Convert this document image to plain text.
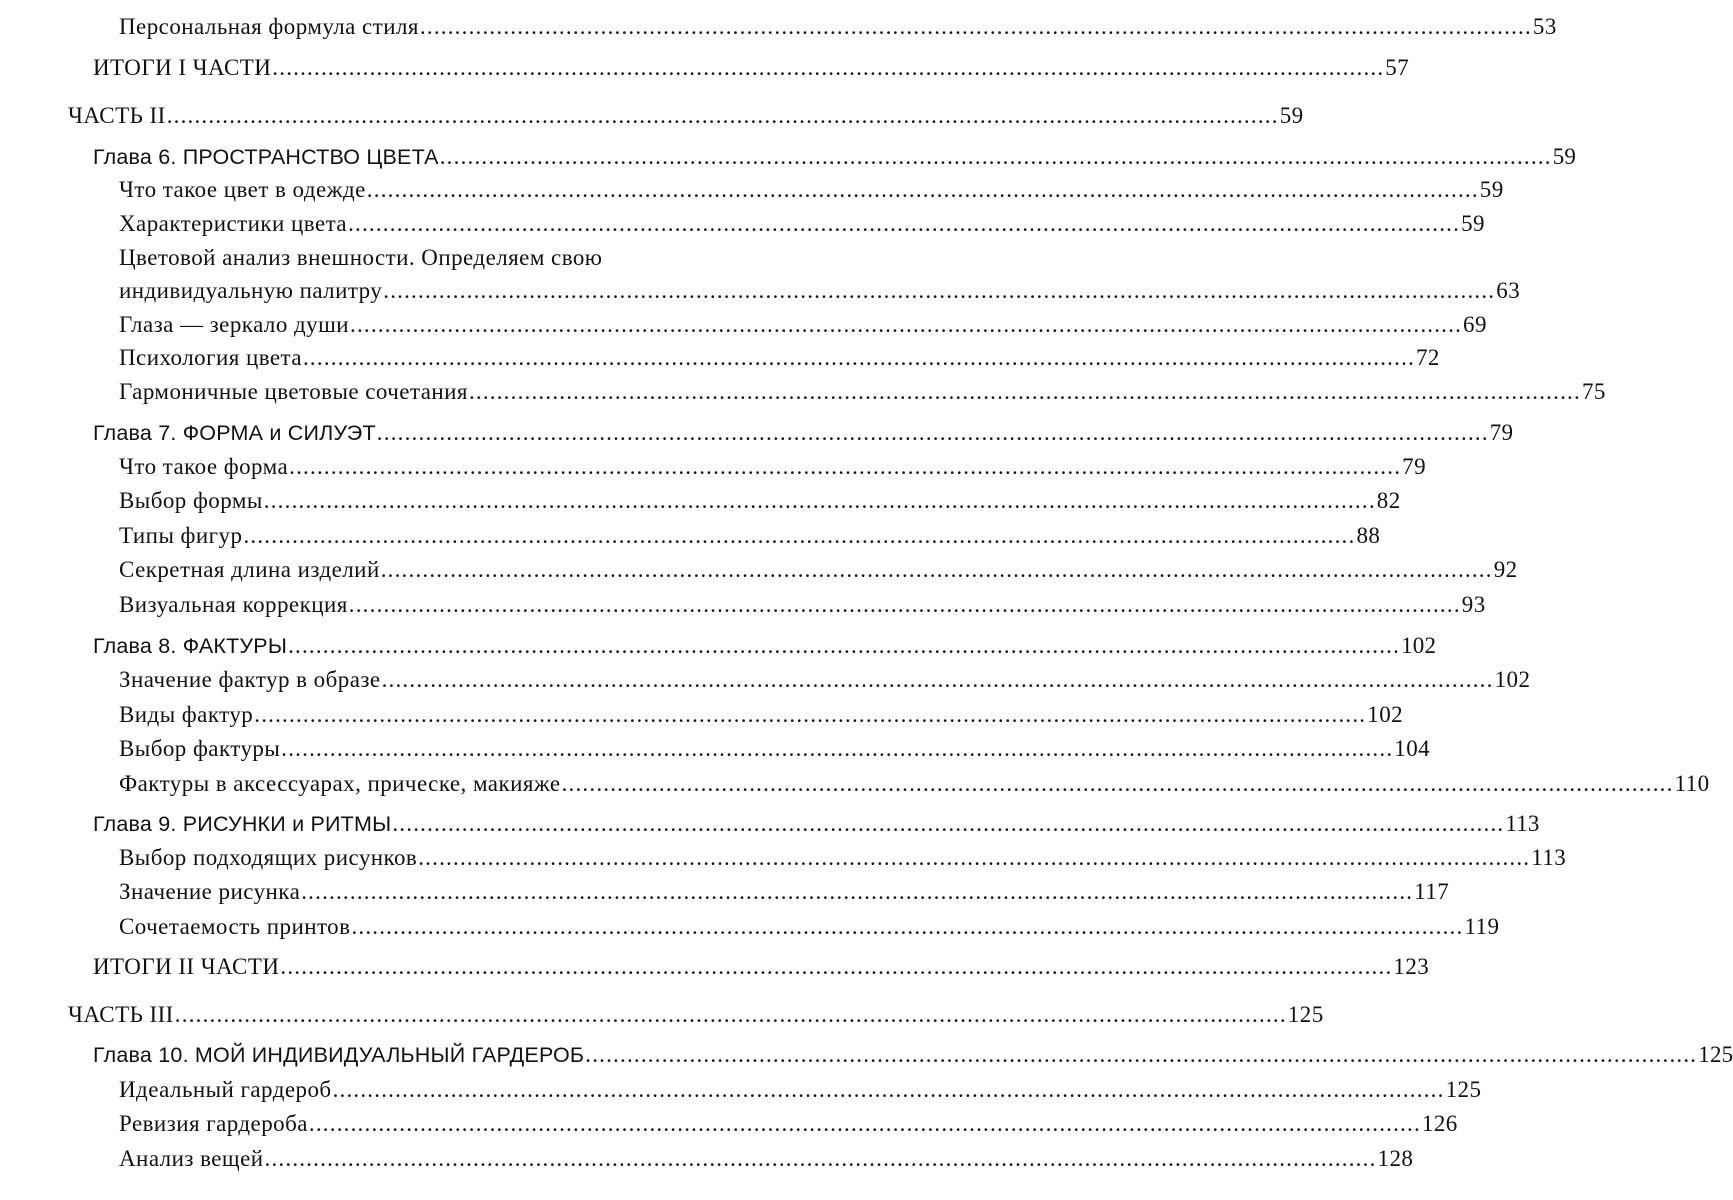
Персональная формула стиля ................................................................................................................................................................ 53
ИТОГИ I ЧАСТИ ................................................................................................................................................................ 57
ЧАСТЬ II ................................................................................................................................................................ 59
Глава 6. ПРОСТРАНСТВО ЦВЕТА ................................................................................................................................................................ 59
Что такое цвет в одежде ................................................................................................................................................................ 59
Характеристики цвета ................................................................................................................................................................ 59
Цветовой анализ внешности. Определяем свою
индивидуальную палитру ................................................................................................................................................................ 63
Глаза — зеркало души ................................................................................................................................................................ 69
Психология цвета ................................................................................................................................................................ 72
Гармоничные цветовые сочетания ................................................................................................................................................................ 75
Глава 7. ФОРМА и СИЛУЭТ ................................................................................................................................................................ 79
Что такое форма ................................................................................................................................................................ 79
Выбор формы ................................................................................................................................................................ 82
Типы фигур ................................................................................................................................................................ 88
Секретная длина изделий ................................................................................................................................................................ 92
Визуальная коррекция ................................................................................................................................................................ 93
Глава 8. ФАКТУРЫ ................................................................................................................................................................ 102
Значение фактур в образе ................................................................................................................................................................ 102
Виды фактур ................................................................................................................................................................ 102
Выбор фактуры ................................................................................................................................................................ 104
Фактуры в аксессуарах, прическе, макияже ................................................................................................................................................................ 110
Глава 9. РИСУНКИ и РИТМЫ ................................................................................................................................................................ 113
Выбор подходящих рисунков ................................................................................................................................................................ 113
Значение рисунка ................................................................................................................................................................ 117
Сочетаемость принтов ................................................................................................................................................................ 119
ИТОГИ II ЧАСТИ ................................................................................................................................................................ 123
ЧАСТЬ III ................................................................................................................................................................ 125
Глава 10. МОЙ ИНДИВИДУАЛЬНЫЙ ГАРДЕРОБ ................................................................................................................................................................ 125
Идеальный гардероб ................................................................................................................................................................ 125
Ревизия гардероба ................................................................................................................................................................ 126
Анализ вещей ................................................................................................................................................................ 128
